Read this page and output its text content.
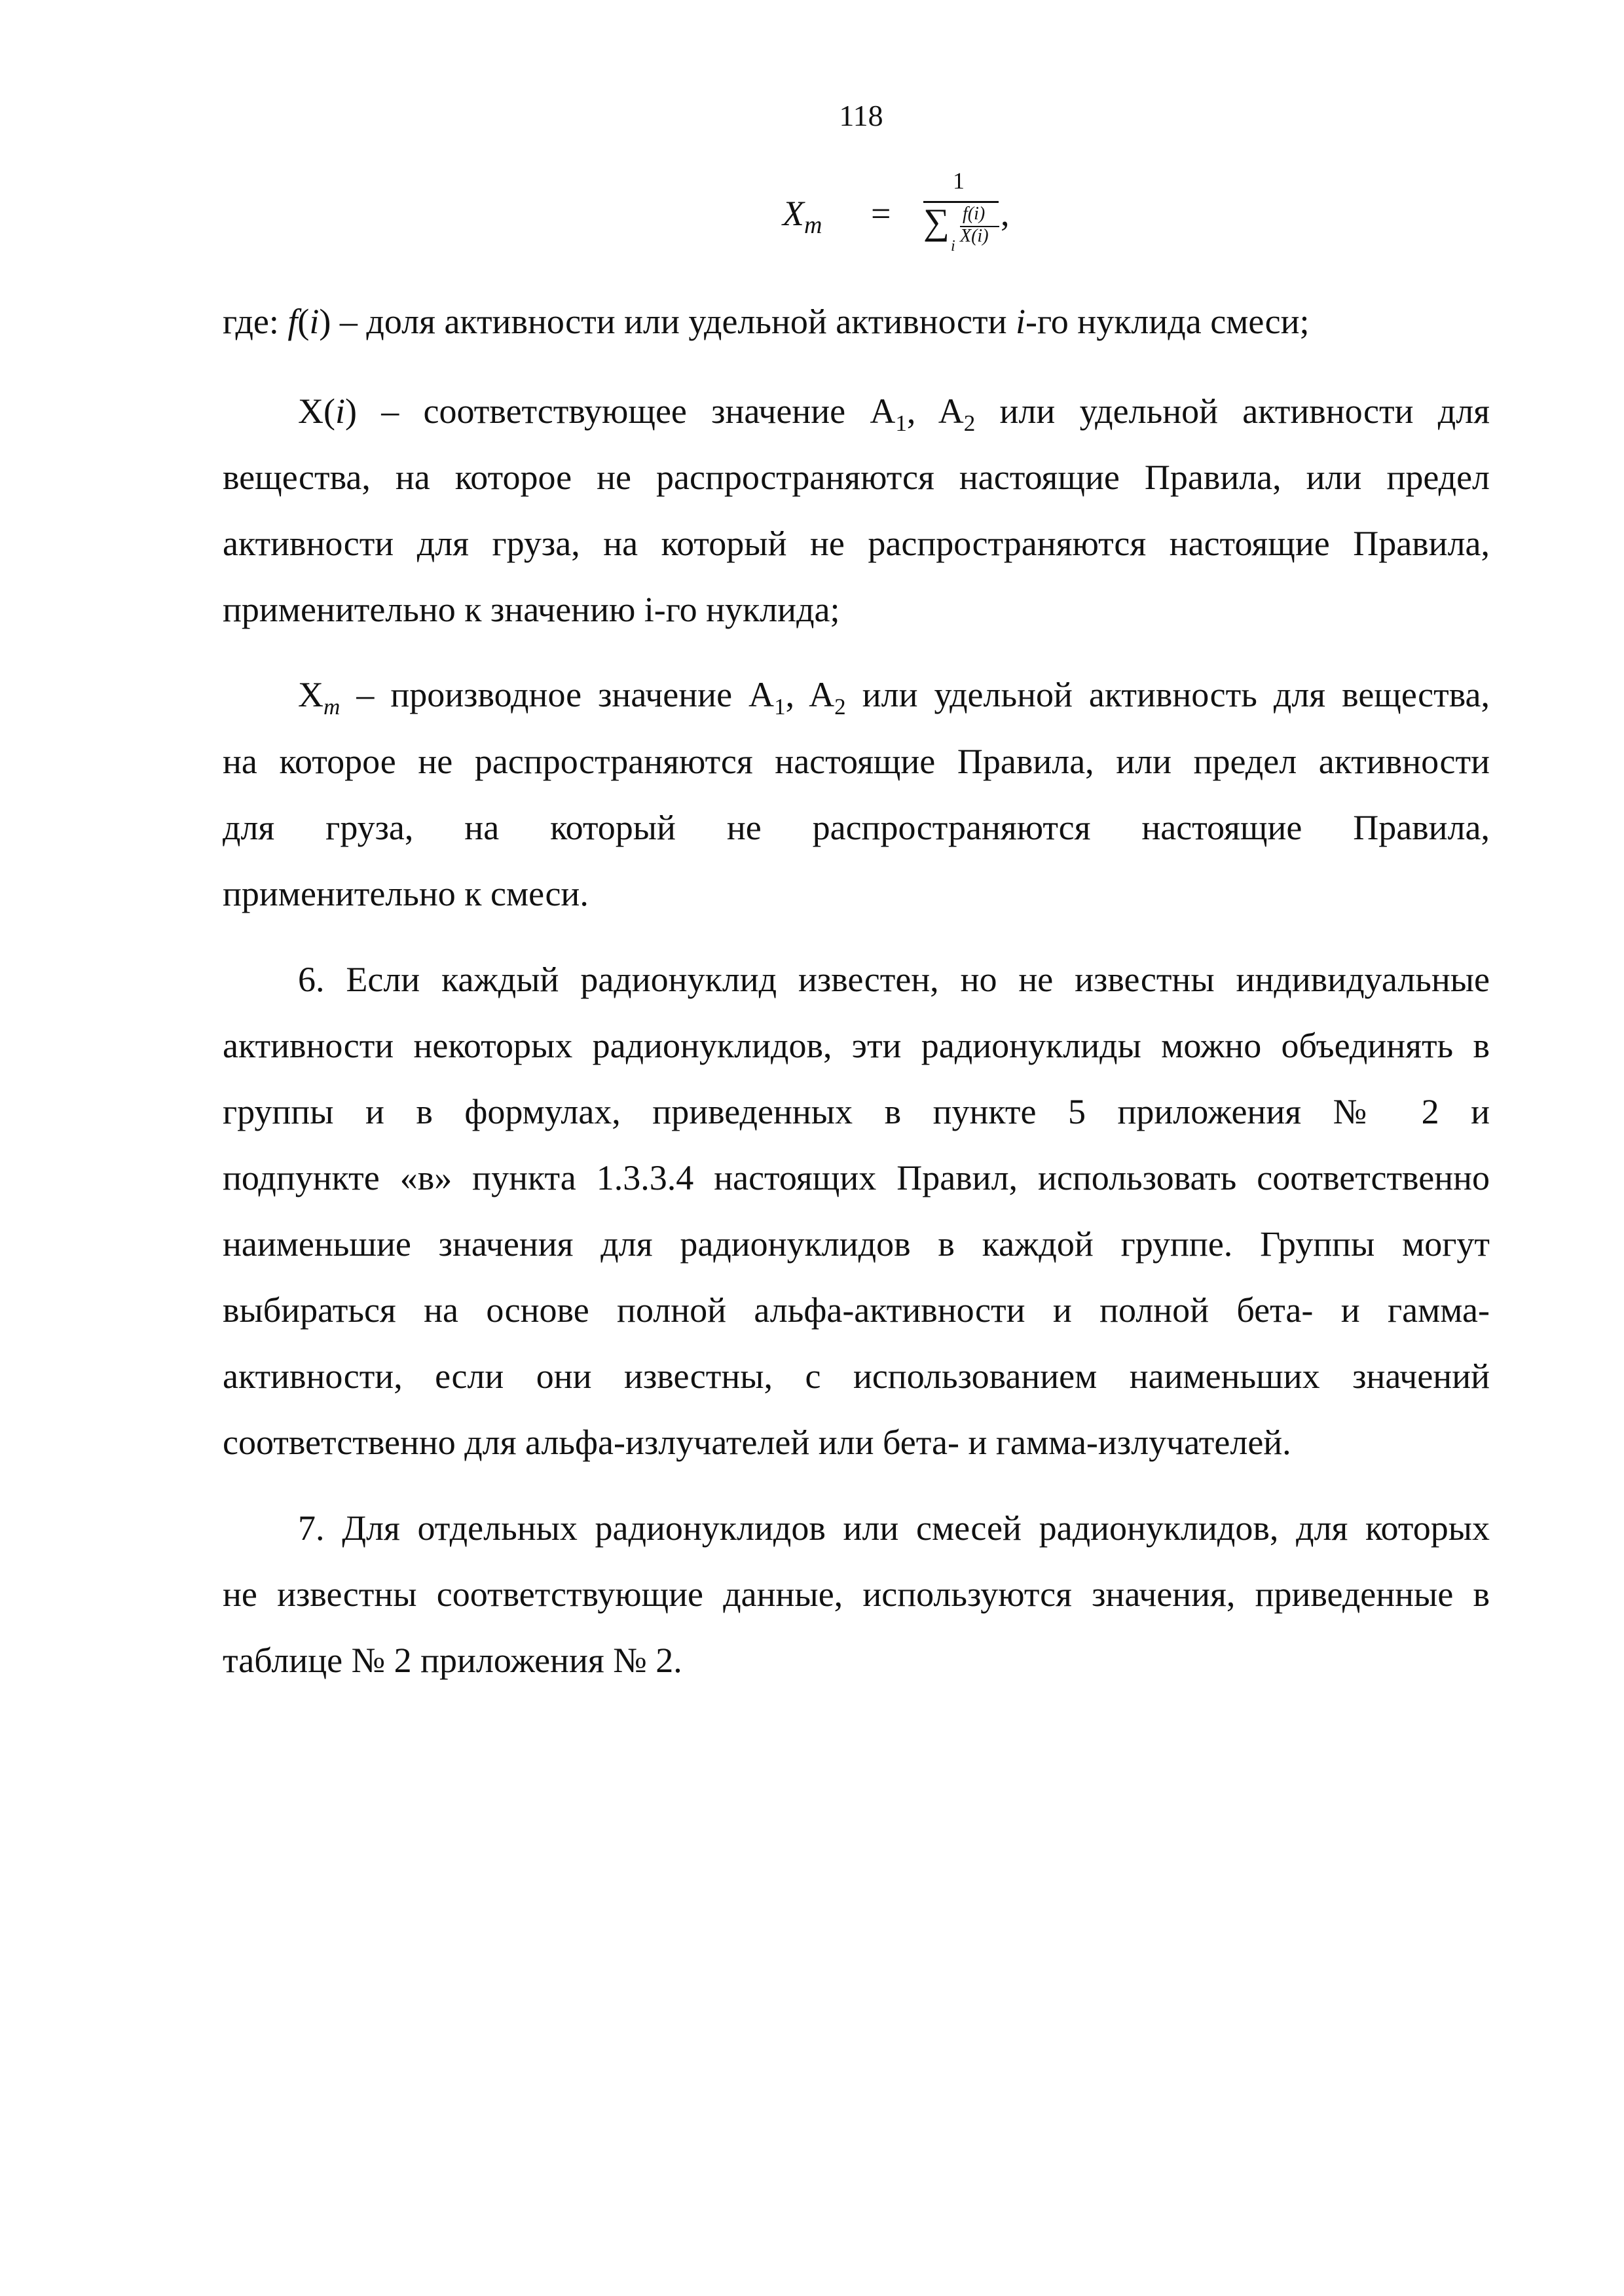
118
$X_m$ =
1
∑
i
f(i)
X(i)
,
где: f(i) – доля активности или удельной активности i-го нуклида смеси;
X(i) – соответствующее значение $A_1$, $A_2$ или удельной активности для
вещества, на которое не распространяются настоящие Правила, или предел
активности для груза, на который не распространяются настоящие Правила,
применительно к значению i-го нуклида;
$X_m$ – производное значение $A_1$, $A_2$ или удельной активность для вещества,
на которое не распространяются настоящие Правила, или предел активности
для груза, на который не распространяются настоящие Правила,
применительно к смеси.
6. Если каждый радионуклид известен, но не известны индивидуальные
активности некоторых радионуклидов, эти радионуклиды можно объединять в
группы и в формулах, приведенных в пункте 5 приложения № 2 и
подпункте «в» пункта 1.3.3.4 настоящих Правил, использовать соответственно
наименьшие значения для радионуклидов в каждой группе. Группы могут
выбираться на основе полной альфа-активности и полной бета- и гамма-
активности, если они известны, с использованием наименьших значений
соответственно для альфа-излучателей или бета- и гамма-излучателей.
7. Для отдельных радионуклидов или смесей радионуклидов, для которых
не известны соответствующие данные, используются значения, приведенные в
таблице № 2 приложения № 2.
